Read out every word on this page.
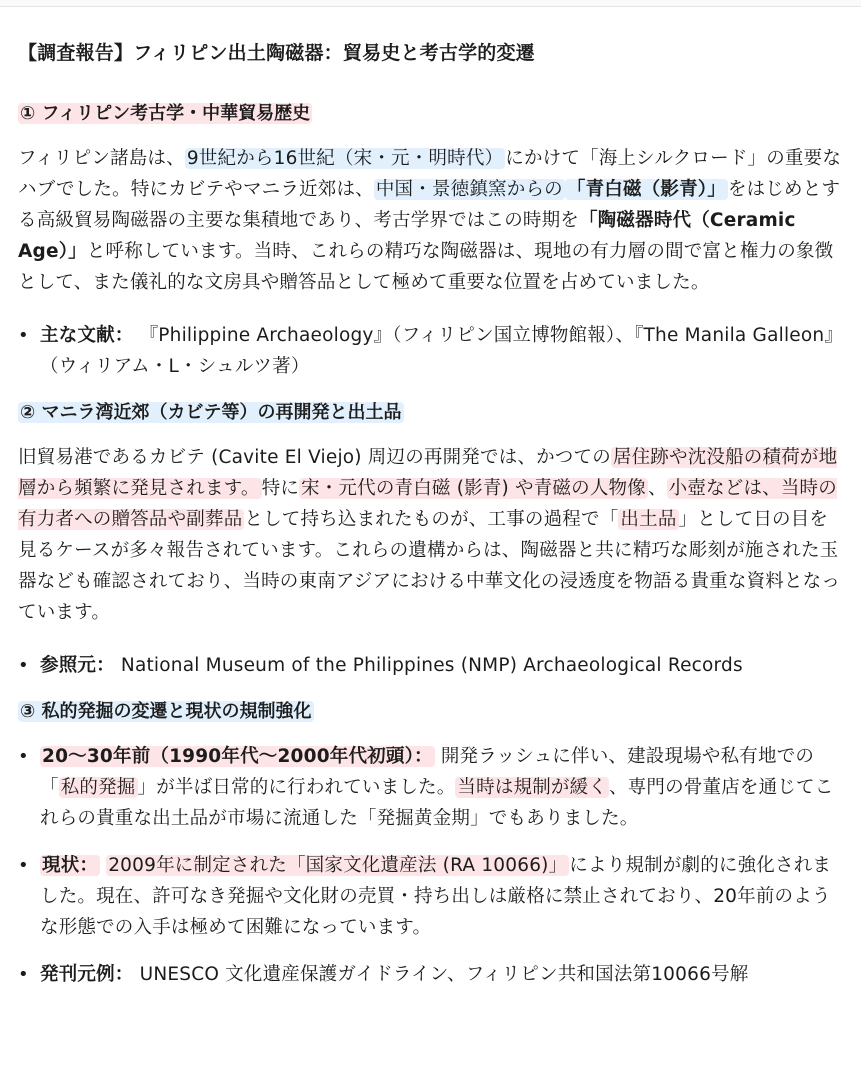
【調査報告】フィリピン出土陶磁器：貿易史と考古学的変遷
① フィリピン考古学・中華貿易歴史

フィリピン諸島は、 9世紀から16世紀（宋・元・明時代） にかけて「海上シルクロード」の重要なハブでした。特にカビテやマニラ近郊は、 中国・景徳鎮窯からの 「青白磁（影青）」 をはじめとする高級貿易陶磁器の主要な集積地であり、考古学界ではこの時期を「陶磁器時代（Ceramic Age）」と呼称しています。当時、これらの精巧な陶磁器は、現地の有力層の間で富と権力の象徴として、また儀礼的な文房具や贈答品として極めて重要な位置を占めていました。

• 主な文献： 『Philippine Archaeology』（フィリピン国立博物館報）、『The Manila Galleon』（ウィリアム・L・シュルツ著）
② マニラ湾近郊（カビテ等）の再開発と出土品

旧貿易港であるカビテ (Cavite El Viejo) 周辺の再開発では、かつての 居住跡や沈没船の積荷が地層から頻繁に発見されます。 特に 宋・元代の青白磁 (影青) や青磁の人物像 、 小壺などは、当時の有力者への贈答品や副葬品 として持ち込まれたものが、工事の過程で「 出土品 」として日の目を見るケースが多々報告されています。これらの遺構からは、陶磁器と共に精巧な彫刻が施された玉器なども確認されており、当時の東南アジアにおける中華文化の浸透度を物語る貴重な資料となっています。

• 参照元： National Museum of the Philippines (NMP) Archaeological Records
③ 私的発掘の変遷と現状の規制強化
• 20〜30年前（1990年代〜2000年代初頭）： 開発ラッシュに伴い、建設現場や私有地での「 私的発掘 」が半ば日常的に行われていました。 当時は規制が緩く 、専門の骨董店を通じてこれらの貴重な出土品が市場に流通した「発掘黄金期」でもありました。
• 現状： 2009年に制定された「国家文化遺産法 (RA 10066)」 により規制が劇的に強化されました。現在、許可なき発掘や文化財の売買・持ち出しは厳格に禁止されており、20年前のような形態での入手は極めて困難になっています。
• 発刊元例： UNESCO 文化遺産保護ガイドライン、フィリピン共和国法第10066号解
